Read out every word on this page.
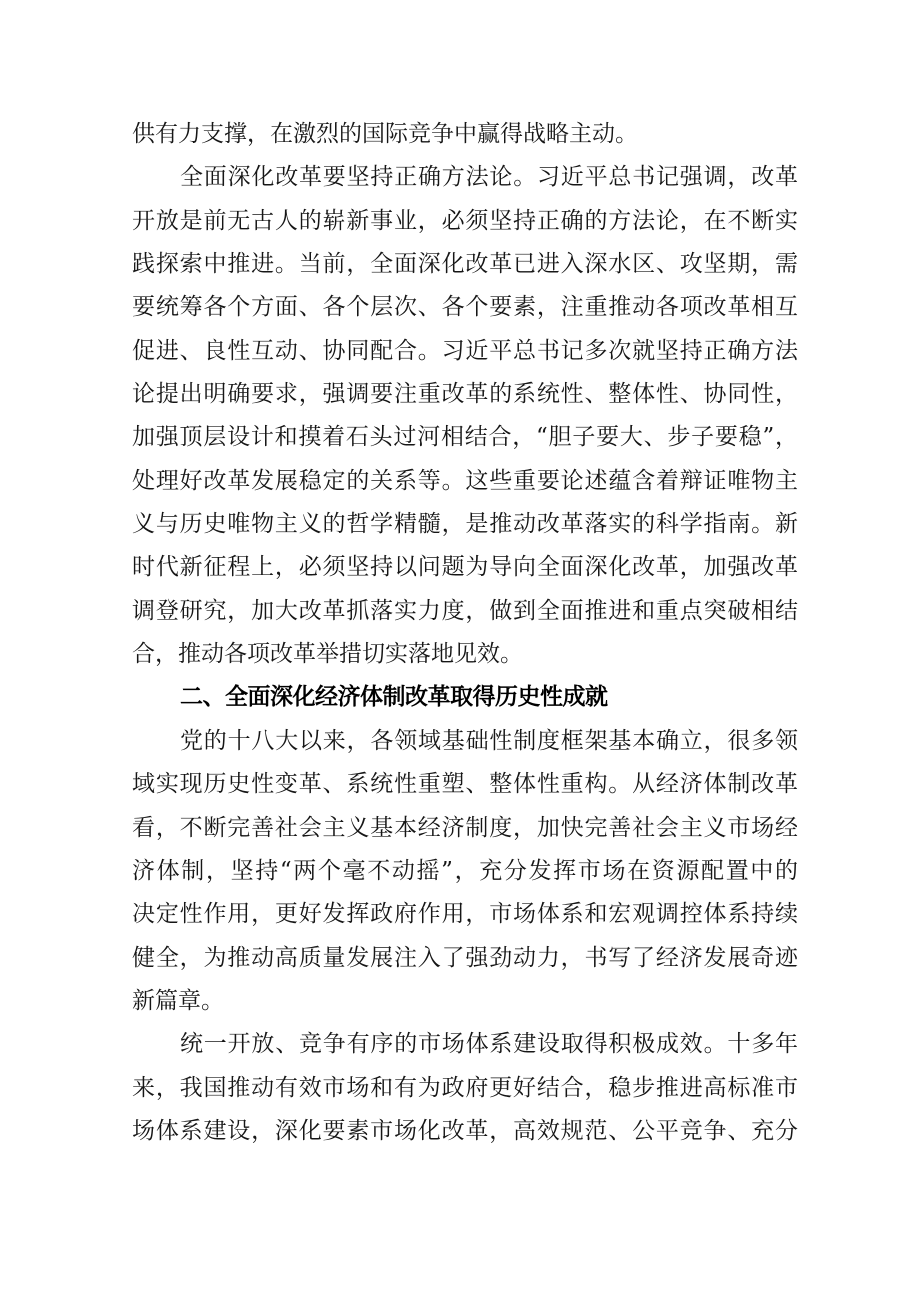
供有力支撑，在激烈的国际竞争中赢得战略主动。
全面深化改革要坚持正确方法论。习近平总书记强调，改革
开放是前无古人的崭新事业，必须坚持正确的方法论，在不断实
践探索中推进。当前，全面深化改革已进入深水区、攻坚期，需
要统筹各个方面、各个层次、各个要素，注重推动各项改革相互
促进、良性互动、协同配合。习近平总书记多次就坚持正确方法
论提出明确要求，强调要注重改革的系统性、整体性、协同性，
加强顶层设计和摸着石头过河相结合，“胆子要大、步子要稳”，
处理好改革发展稳定的关系等。这些重要论述蕴含着辩证唯物主
义与历史唯物主义的哲学精髓，是推动改革落实的科学指南。新
时代新征程上，必须坚持以问题为导向全面深化改革，加强改革
调登研究，加大改革抓落实力度，做到全面推进和重点突破相结
合，推动各项改革举措切实落地见效。
二、全面深化经济体制改革取得历史性成就
党的十八大以来，各领域基础性制度框架基本确立，很多领
域实现历史性变革、系统性重塑、整体性重构。从经济体制改革
看，不断完善社会主义基本经济制度，加快完善社会主义市场经
济体制，坚持“两个毫不动摇”，充分发挥市场在资源配置中的
决定性作用，更好发挥政府作用，市场体系和宏观调控体系持续
健全，为推动高质量发展注入了强劲动力，书写了经济发展奇迹
新篇章。
统一开放、竞争有序的市场体系建设取得积极成效。十多年
来，我国推动有效市场和有为政府更好结合，稳步推进高标准市
场体系建设，深化要素市场化改革，高效规范、公平竞争、充分
